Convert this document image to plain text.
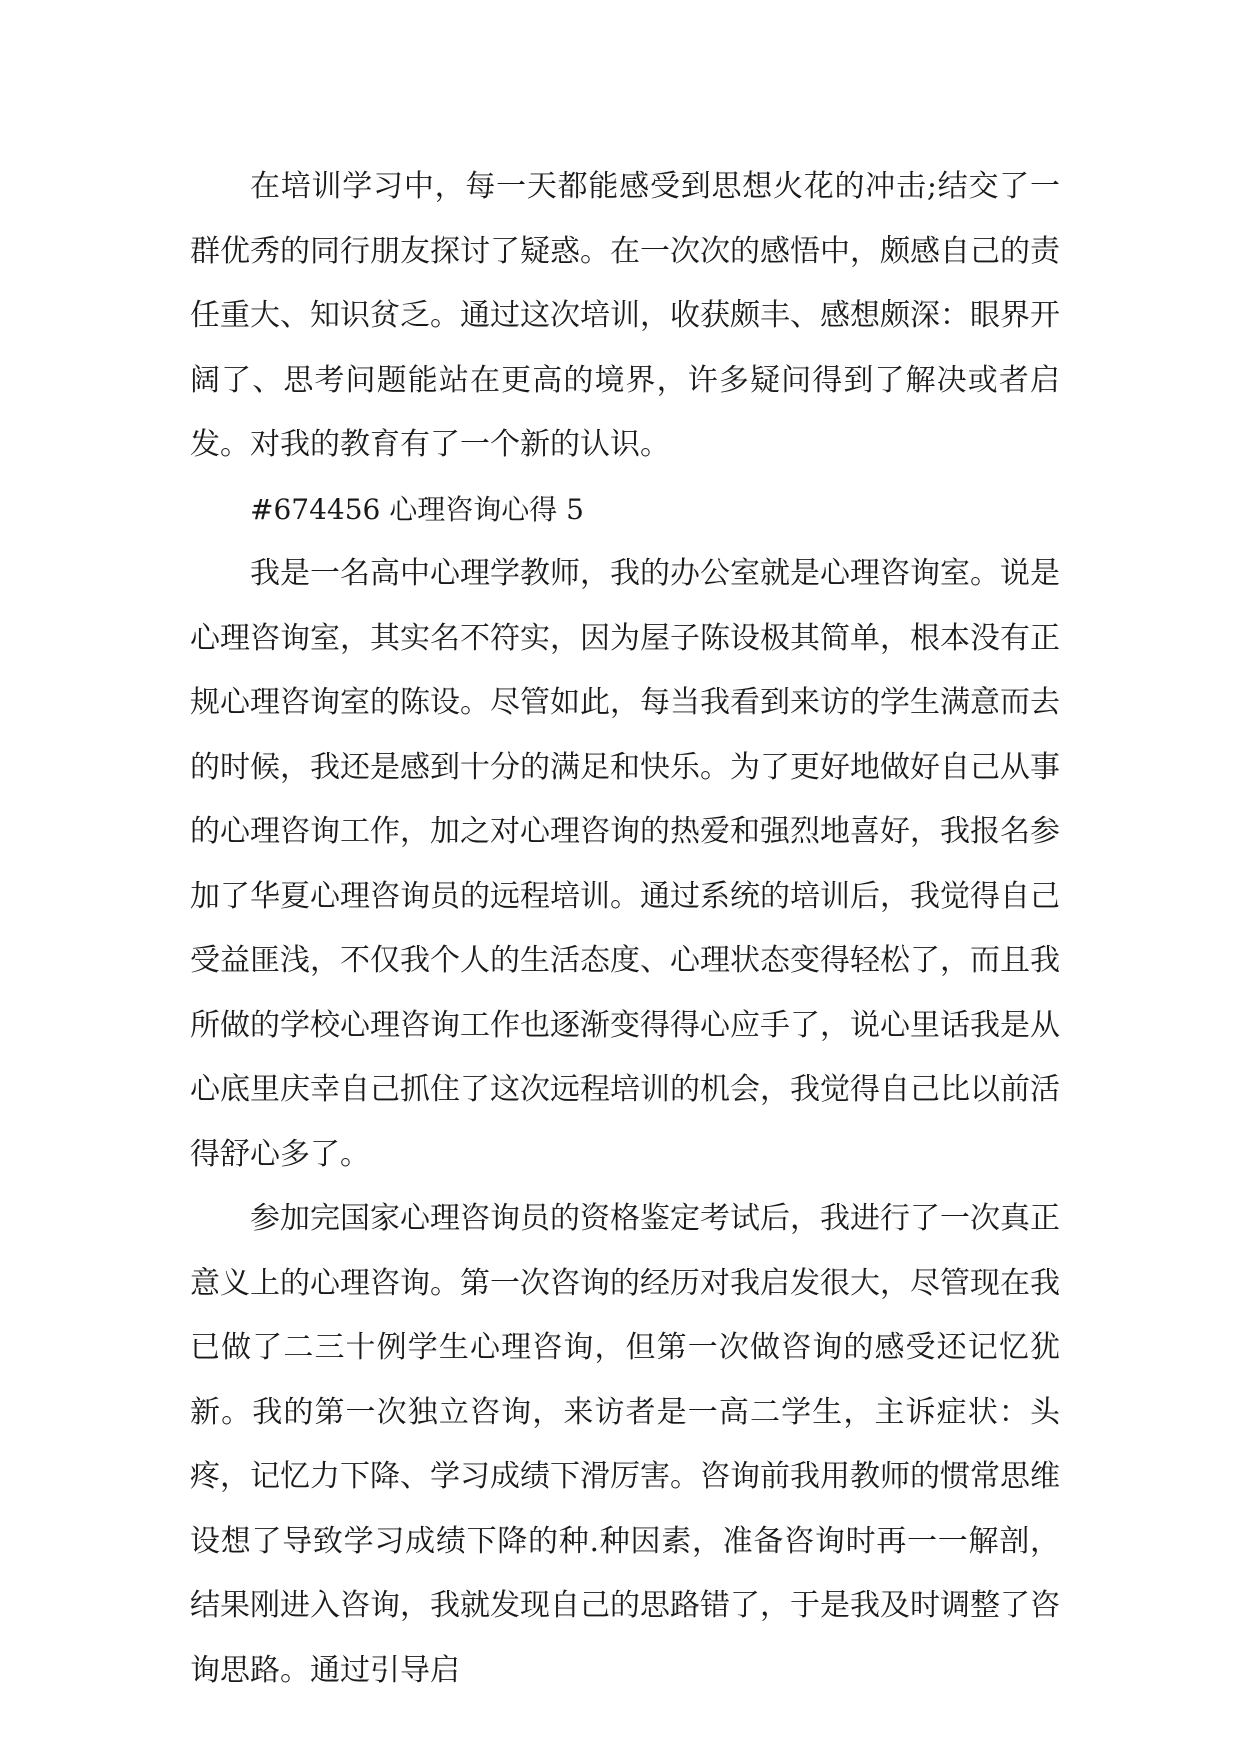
在培训学习中，每一天都能感受到思想火花的冲击;结交了一群优秀的同行朋友探讨了疑惑。在一次次的感悟中，颇感自己的责任重大、知识贫乏。通过这次培训，收获颇丰、感想颇深：眼界开阔了、思考问题能站在更高的境界，许多疑问得到了解决或者启发。对我的教育有了一个新的认识。

#674456 心理咨询心得 5

我是一名高中心理学教师，我的办公室就是心理咨询室。说是心理咨询室，其实名不符实，因为屋子陈设极其简单，根本没有正规心理咨询室的陈设。尽管如此，每当我看到来访的学生满意而去的时候，我还是感到十分的满足和快乐。为了更好地做好自己从事的心理咨询工作，加之对心理咨询的热爱和强烈地喜好，我报名参加了华夏心理咨询员的远程培训。通过系统的培训后，我觉得自己受益匪浅，不仅我个人的生活态度、心理状态变得轻松了，而且我所做的学校心理咨询工作也逐渐变得得心应手了，说心里话我是从心底里庆幸自己抓住了这次远程培训的机会，我觉得自己比以前活得舒心多了。

参加完国家心理咨询员的资格鉴定考试后，我进行了一次真正意义上的心理咨询。第一次咨询的经历对我启发很大，尽管现在我已做了二三十例学生心理咨询，但第一次做咨询的感受还记忆犹新。我的第一次独立咨询，来访者是一高二学生，主诉症状：头疼，记忆力下降、学习成绩下滑厉害。咨询前我用教师的惯常思维设想了导致学习成绩下降的种.种因素，准备咨询时再一一解剖，结果刚进入咨询，我就发现自己的思路错了，于是我及时调整了咨询思路。通过引导启
